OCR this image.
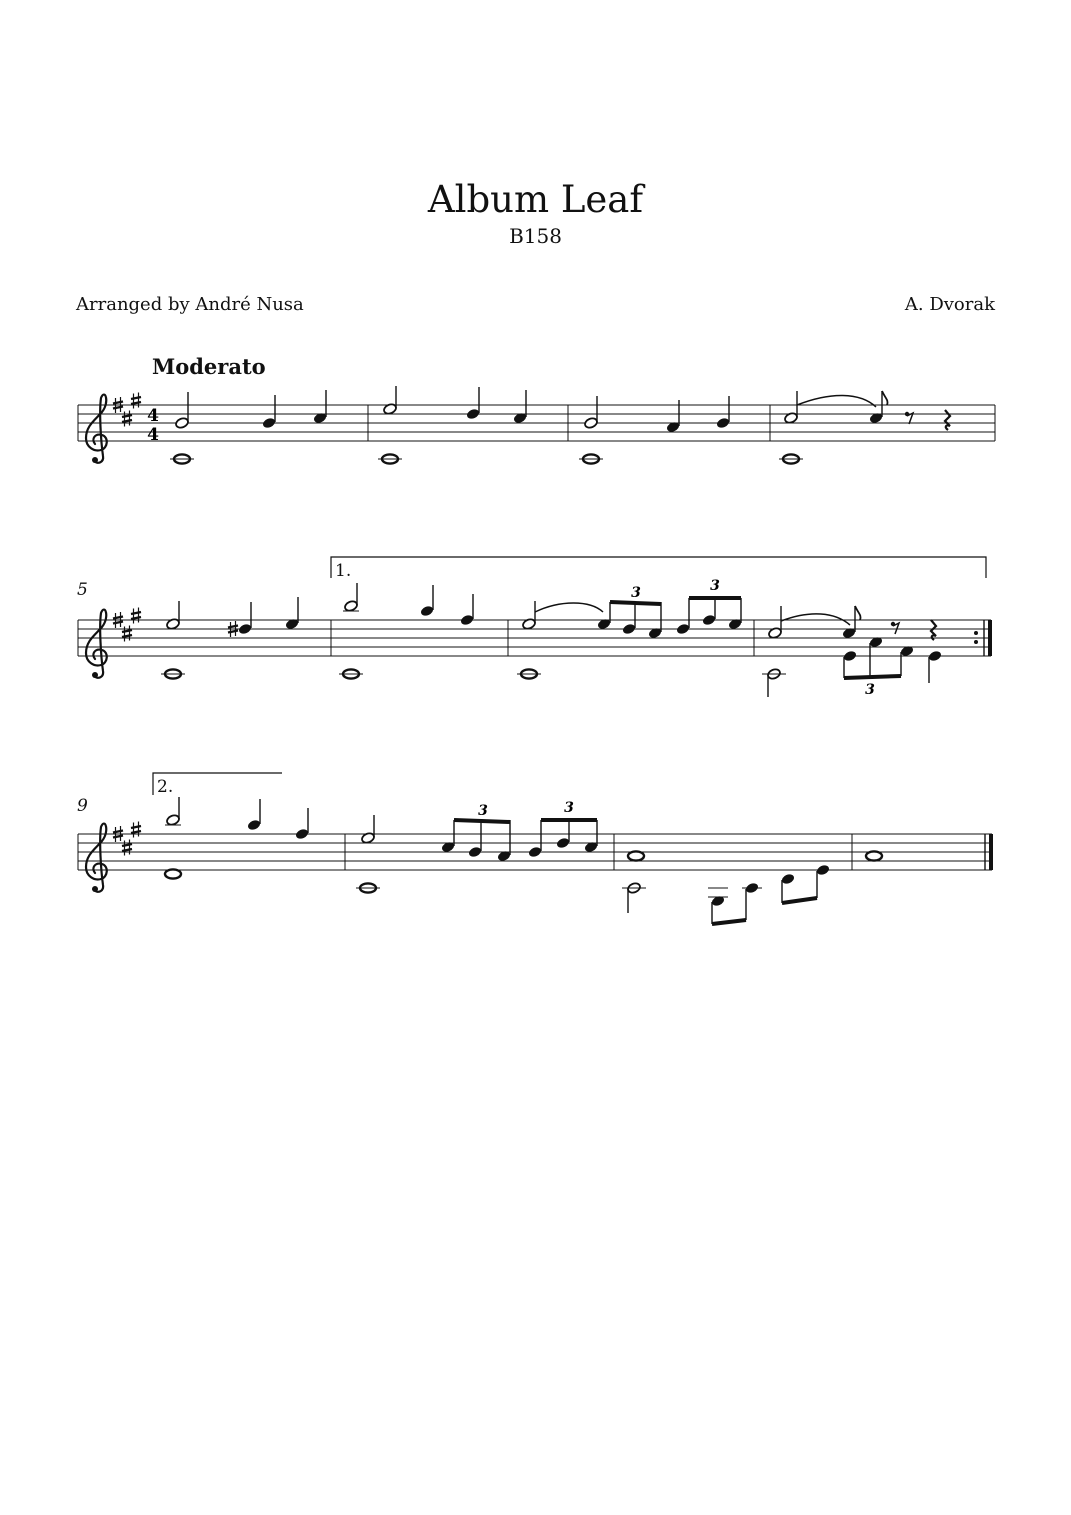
Album Leaf
B158
Arranged by André Nusa	A. Dvorak
Moderato
5
9
1.
2.
4
4
3	3
3
3	3
